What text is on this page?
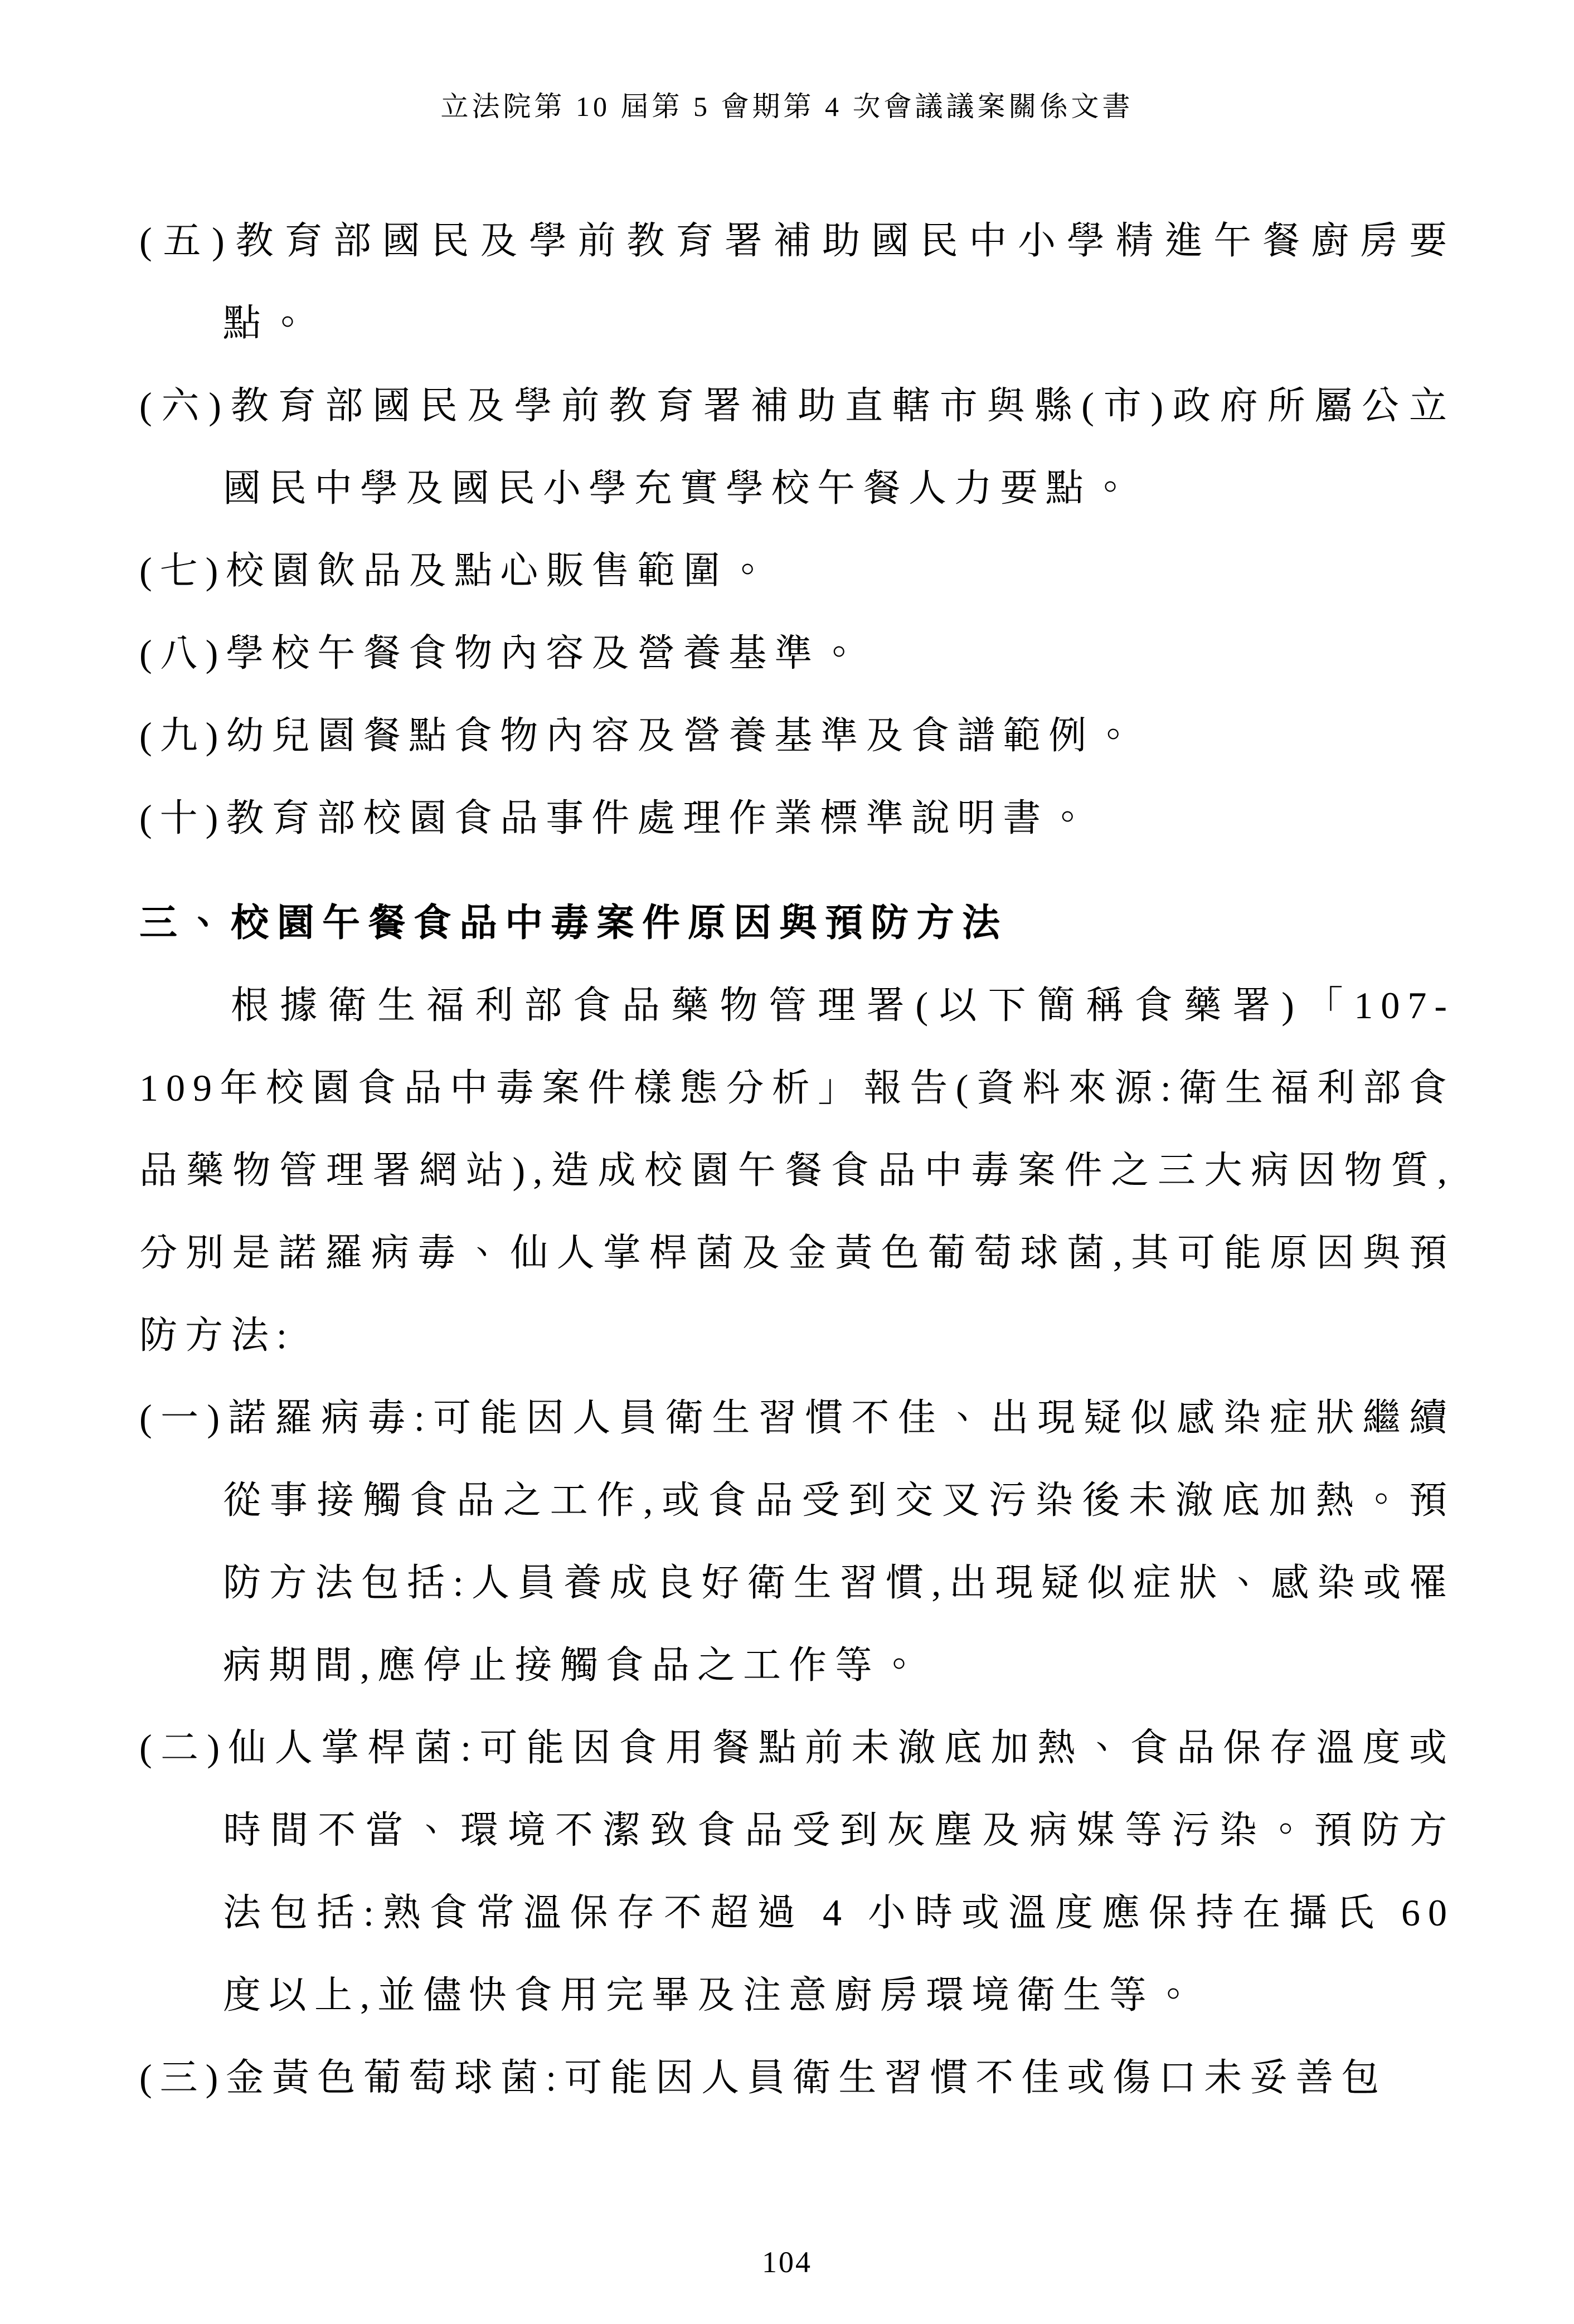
立法院第 10 屆第 5 會期第 4 次會議議案關係文書
(五)教育部國民及學前教育署補助國民中小學精進午餐廚房要點。
(六)教育部國民及學前教育署補助直轄市與縣(市)政府所屬公立國民中學及國民小學充實學校午餐人力要點。
(七)校園飲品及點心販售範圍。
(八)學校午餐食物內容及營養基準。
(九)幼兒園餐點食物內容及營養基準及食譜範例。
(十)教育部校園食品事件處理作業標準說明書。
三、校園午餐食品中毒案件原因與預防方法
根據衛生福利部食品藥物管理署(以下簡稱食藥署)「107-109年校園食品中毒案件樣態分析」報告(資料來源:衛生福利部食品藥物管理署網站),造成校園午餐食品中毒案件之三大病因物質,分別是諾羅病毒、仙人掌桿菌及金黃色葡萄球菌,其可能原因與預防方法:
(一)諾羅病毒:可能因人員衛生習慣不佳、出現疑似感染症狀繼續從事接觸食品之工作,或食品受到交叉污染後未澈底加熱。預防方法包括:人員養成良好衛生習慣,出現疑似症狀、感染或罹病期間,應停止接觸食品之工作等。
(二)仙人掌桿菌:可能因食用餐點前未澈底加熱、食品保存溫度或時間不當、環境不潔致食品受到灰塵及病媒等污染。預防方法包括:熟食常溫保存不超過 4 小時或溫度應保持在攝氏 60 度以上,並儘快食用完畢及注意廚房環境衛生等。
(三)金黃色葡萄球菌:可能因人員衛生習慣不佳或傷口未妥善包
104
